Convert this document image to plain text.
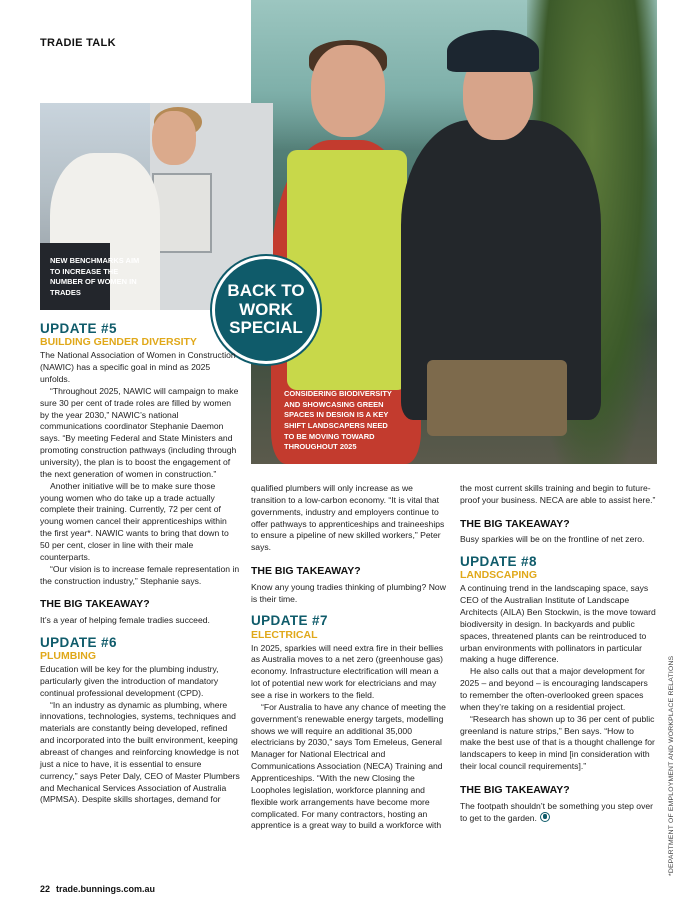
TRADIE TALK
NEW BENCHMARKS AIM TO INCREASE THE NUMBER OF WOMEN IN TRADES
CONSIDERING BIODIVERSITY AND SHOWCASING GREEN SPACES IN DESIGN IS A KEY SHIFT LANDSCAPERS NEED TO BE MOVING TOWARD THROUGHOUT 2025
BACK TO
WORK
SPECIAL
UPDATE #5
BUILDING GENDER DIVERSITY

The National Association of Women in Construction (NAWIC) has a specific goal in mind as 2025 unfolds.

“Throughout 2025, NAWIC will campaign to make sure 30 per cent of trade roles are filled by women by the year 2030,” NAWIC’s national communications coordinator Stephanie Daemon says. “By meeting Federal and State Ministers and promoting construction pathways (including through university), the plan is to boost the engagement of the next generation of women in construction.”

Another initiative will be to make sure those young women who do take up a trade actually complete their training. Currently, 72 per cent of young women cancel their apprenticeships within the first year*. NAWIC wants to bring that down to 50 per cent, closer in line with their male counterparts.

“Our vision is to increase female representation in the construction industry,” Stephanie says.

THE BIG TAKEAWAY?

It’s a year of helping female tradies succeed.

UPDATE #6
PLUMBING

Education will be key for the plumbing industry, particularly given the introduction of mandatory continual professional development (CPD).

“In an industry as dynamic as plumbing, where innovations, technologies, systems, techniques and materials are constantly being developed, refined and incorporated into the built environment, keeping abreast of changes and reinforcing knowledge is not just a nice to have, it is essential to ensure currency,” says Peter Daly, CEO of Master Plumbers and Mechanical Services Association of Australia (MPMSA). Despite skills shortages, demand for

qualified plumbers will only increase as we transition to a low-carbon economy. “It is vital that governments, industry and employers continue to offer pathways to apprenticeships and traineeships to ensure a pipeline of new skilled workers,” Peter says.

THE BIG TAKEAWAY?

Know any young tradies thinking of plumbing? Now is their time.

UPDATE #7
ELECTRICAL

In 2025, sparkies will need extra fire in their bellies as Australia moves to a net zero (greenhouse gas) economy. Infrastructure electrification will mean a lot of potential new work for electricians and may see a rise in workers to the field.

“For Australia to have any chance of meeting the government’s renewable energy targets, modelling shows we will require an additional 35,000 electricians by 2030,” says Tom Emeleus, General Manager for National Electrical and Communications Association (NECA) Training and Apprenticeships. “With the new Closing the Loopholes legislation, workforce planning and flexible work arrangements have become more complicated. For many contractors, hosting an apprentice is a great way to build a workforce with

the most current skills training and begin to future-proof your business. NECA are able to assist here.”

THE BIG TAKEAWAY?

Busy sparkies will be on the frontline of net zero.

UPDATE #8
LANDSCAPING

A continuing trend in the landscaping space, says CEO of the Australian Institute of Landscape Architects (AILA) Ben Stockwin, is the move toward biodiversity in design. In backyards and public spaces, threatened plants can be reintroduced to urban environments with pollinators in particular making a huge difference.

He also calls out that a major development for 2025 – and beyond – is encouraging landscapers to remember the often-overlooked green spaces when they’re taking on a residential project.

“Research has shown up to 36 per cent of public greenland is nature strips,” Ben says. “How to make the best use of that is a thought challenge for landscapers to keep in mind [in consideration with their local council requirements].”

THE BIG TAKEAWAY?

The footpath shouldn’t be something you step over to get to the garden.	*DEPARTMENT OF EMPLOYMENT AND WORKPLACE RELATIONS
22 trade.bunnings.com.au
